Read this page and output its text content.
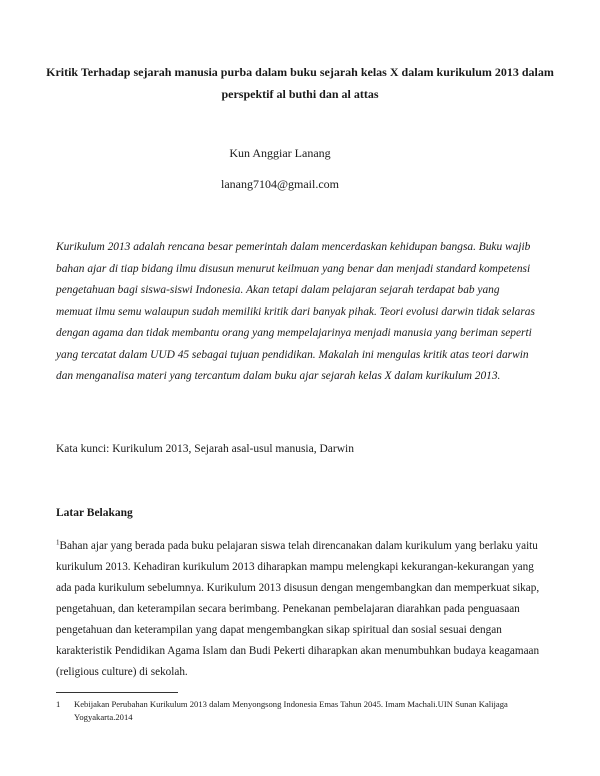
Kritik Terhadap sejarah manusia purba dalam buku sejarah kelas X dalam kurikulum 2013 dalam perspektif al buthi dan al attas
Kun Anggiar Lanang
lanang7104@gmail.com
Kurikulum 2013 adalah rencana besar pemerintah dalam mencerdaskan kehidupan bangsa. Buku wajib bahan ajar di tiap bidang ilmu disusun menurut keilmuan yang benar dan menjadi standard kompetensi pengetahuan bagi siswa-siswi Indonesia. Akan tetapi dalam pelajaran sejarah terdapat bab yang memuat ilmu semu walaupun sudah memiliki kritik dari banyak pihak. Teori evolusi darwin tidak selaras dengan agama dan tidak membantu orang yang mempelajarinya menjadi manusia yang beriman seperti yang tercatat dalam UUD 45 sebagai tujuan pendidikan. Makalah ini mengulas kritik atas teori darwin dan menganalisa materi yang tercantum dalam buku ajar sejarah kelas X dalam kurikulum 2013.
Kata kunci: Kurikulum 2013, Sejarah asal-usul manusia, Darwin
Latar Belakang
$^1$Bahan ajar yang berada pada buku pelajaran siswa telah direncanakan dalam kurikulum yang berlaku yaitu kurikulum 2013. Kehadiran kurikulum 2013 diharapkan mampu melengkapi kekurangan-kekurangan yang ada pada kurikulum sebelumnya. Kurikulum 2013 disusun dengan mengembangkan dan memperkuat sikap, pengetahuan, dan keterampilan secara berimbang. Penekanan pembelajaran diarahkan pada penguasaan pengetahuan dan keterampilan yang dapat mengembangkan sikap spiritual dan sosial sesuai dengan karakteristik Pendidikan Agama Islam dan Budi Pekerti diharapkan akan menumbuhkan budaya keagamaan (religious culture) di sekolah.
1	Kebijakan Perubahan Kurikulum 2013 dalam Menyongsong Indonesia Emas Tahun 2045. Imam Machali.UIN Sunan Kalijaga Yogyakarta.2014
